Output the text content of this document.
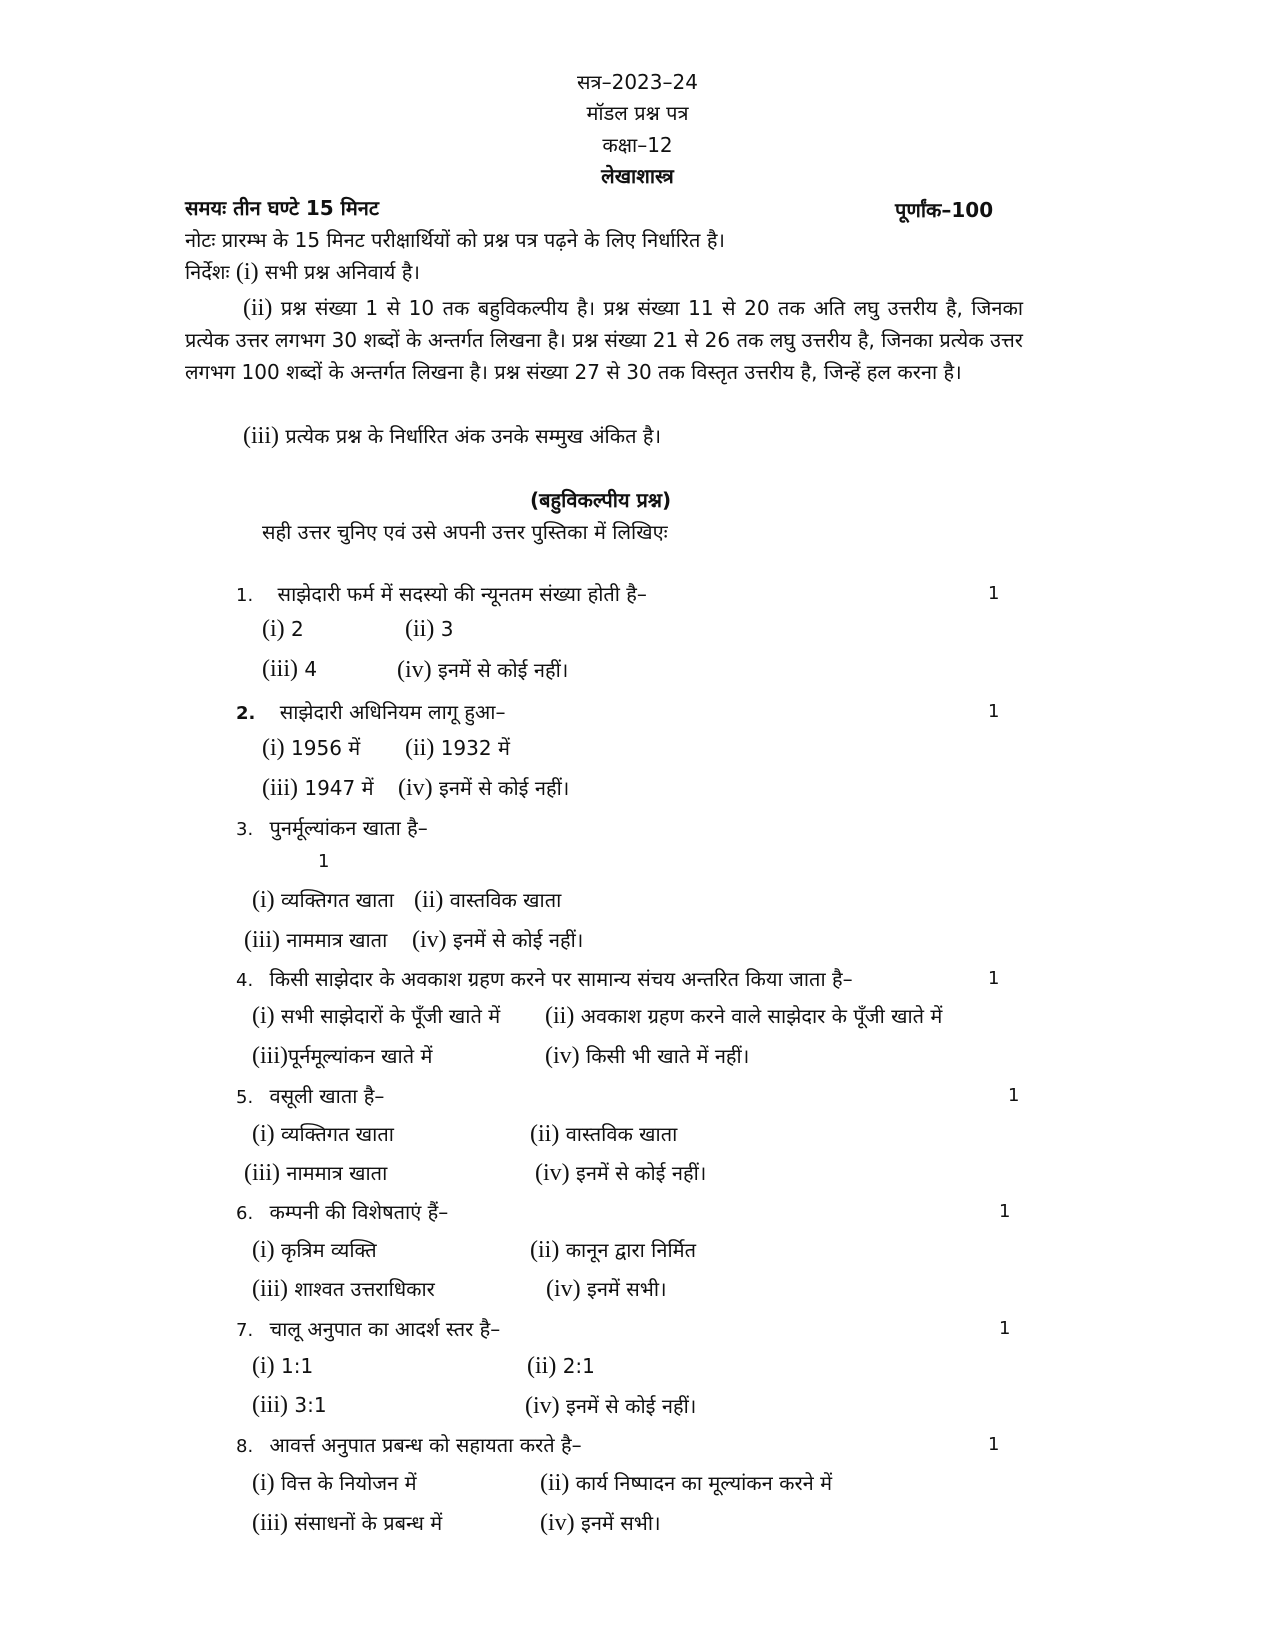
सत्र–2023–24
मॉडल प्रश्न पत्र
कक्षा–12
लेखाशास्त्र
समयः तीन घण्टे 15 मिनट	पूर्णांक–100
नोटः प्रारम्भ के 15 मिनट परीक्षार्थियों को प्रश्न पत्र पढ़ने के लिए निर्धारित है।
निर्देशः (i) सभी प्रश्न अनिवार्य है।
(ii) प्रश्न संख्या 1 से 10 तक बहुविकल्पीय है। प्रश्न संख्या 11 से 20 तक अति लघु उत्तरीय है, जिनका प्रत्येक उत्तर लगभग 30 शब्दों के अन्तर्गत लिखना है। प्रश्न संख्या 21 से 26 तक लघु उत्तरीय है, जिनका प्रत्येक उत्तर लगभग 100 शब्दों के अन्तर्गत लिखना है। प्रश्न संख्या 27 से 30 तक विस्तृत उत्तरीय है, जिन्हें हल करना है।
(iii) प्रत्येक प्रश्न के निर्धारित अंक उनके सम्मुख अंकित है।
(बहुविकल्पीय प्रश्न)
सही उत्तर चुनिए एवं उसे अपनी उत्तर पुस्तिका में लिखिएः
1. साझेदारी फर्म में सदस्यो की न्यूनतम संख्या होती है–	1
(i) 2	(ii) 3
(iii) 4	(iv) इनमें से कोई नहीं।
2. साझेदारी अधिनियम लागू हुआ–	1
(i) 1956 में (ii) 1932 में
(iii) 1947 में (iv) इनमें से कोई नहीं।
3. पुनर्मूल्यांकन खाता है–
1
(i) व्यक्तिगत खाता (ii) वास्तविक खाता
(iii) नाममात्र खाता (iv) इनमें से कोई नहीं।
4. किसी साझेदार के अवकाश ग्रहण करने पर सामान्य संचय अन्तरित किया जाता है–	1
(i) सभी साझेदारों के पूँजी खाते में (ii) अवकाश ग्रहण करने वाले साझेदार के पूँजी खाते में
(iii)पूर्नमूल्यांकन खाते में	(iv) किसी भी खाते में नहीं।
5. वसूली खाता है–	1
(i) व्यक्तिगत खाता	(ii) वास्तविक खाता
(iii) नाममात्र खाता	(iv) इनमें से कोई नहीं।
6. कम्पनी की विशेषताएं हैं–	1
(i) कृत्रिम व्यक्ति	(ii) कानून द्वारा निर्मित
(iii) शाश्वत उत्तराधिकार	(iv) इनमें सभी।
7. चालू अनुपात का आदर्श स्तर है–	1
(i) 1:1	(ii) 2:1
(iii) 3:1	(iv) इनमें से कोई नहीं।
8. आवर्त्त अनुपात प्रबन्ध को सहायता करते है–	1
(i) वित्त के नियोजन में	(ii) कार्य निष्पादन का मूल्यांकन करने में
(iii) संसाधनों के प्रबन्ध में	(iv) इनमें सभी।
